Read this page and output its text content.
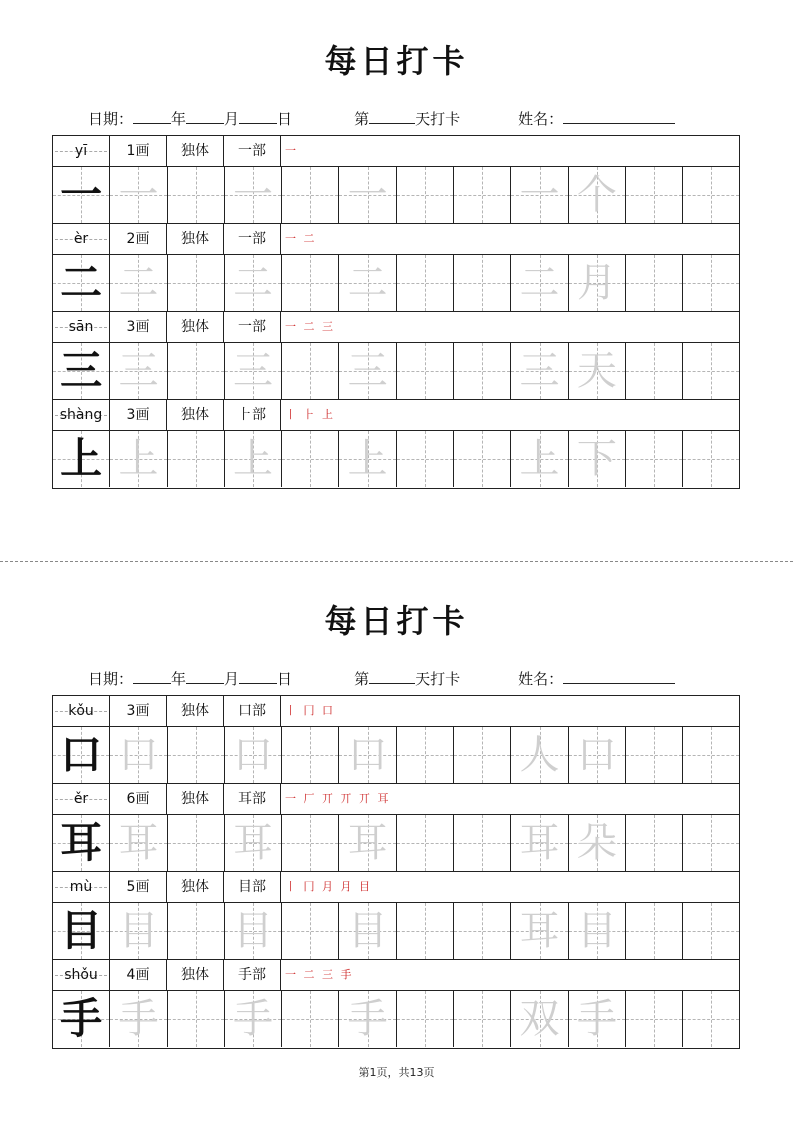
每日打卡
日期：	年	月	日	第	天打卡	姓名：
yī	1画	独体	一部	一
一 一 一 一	一 个
èr	2画	独体	一部	一 二
二 二 二 二	二 月
sān	3画	独体	一部	一 二 三
三 三 三 三	三 天
shàng	3画	独体	⺊部	丨 ⺊ 上
上 上 上 上	上 下
每日打卡
日期：	年	月	日	第	天打卡	姓名：
kǒu	3画	独体	口部	丨 冂 口
口 口 口 口	人 口
ěr	6画	独体	耳部	一 厂 丌 丌 丌 耳
耳 耳 耳 耳	耳 朵
mù	5画	独体	目部	丨 冂 月 月 目
目 目 目 目	耳 目
shǒu	4画	独体	手部	一 二 三 手
手 手 手 手	双 手
第1页，共13页
